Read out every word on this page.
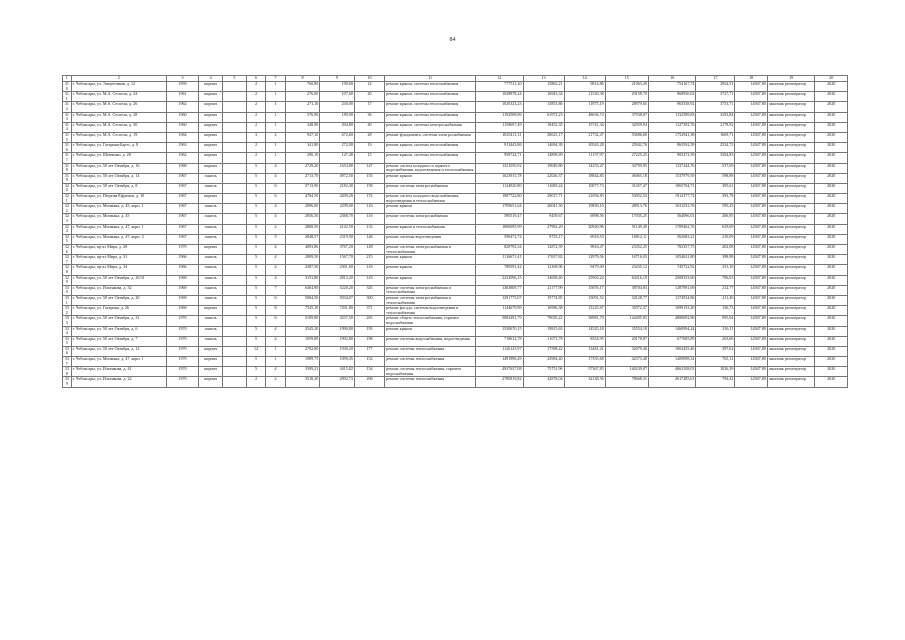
84
1	2	3	4	5	6	7	8	9	10	11	12	13	14	15	16	17	18	19	20
310	г. Чебоксары, ул. Энергетиков, д. 12	1959	кирпич		2	1	760,80	190,60	14	ремонт крыши, системы теплоснабжения	777511,20	15862,21	9814,86	21063,49	754167,74	2954,51	14947,80	заказчик регоператор	2020
311	г. Чебоксары, ул. М.А. Сеспеля, д. 24	1961	кирпич		2	1	276,00	107,60	20	ремонт крыши, системы теплоснабжения	1028878,24	16943,34	11520,38	29158,70	968936,02	3727,71	14947,80	заказчик регоператор	2020
312	г. Чебоксары, ул. М.А. Сеспеля, д. 26	1962	кирпич		2	1	271,10	230,00	17	ремонт крыши, системы теплоснабжения	1020323,23	15853,86	11875,19	28979,65	963538,92	3753,71	14947,80	заказчик регоператор	2020
313	г. Чебоксары, ул. М.А. Сеспеля, д. 28	1960	кирпич		2	1	376,90	189,00	36	ремонт крыши, системы теплоснабжения	1194508,96	61972,23	48636,74	37938,07	1132589,83	3293,84	14947,80	заказчик регоператор	2020
314	г. Чебоксары, ул. М.А. Сеспеля, д. 30	1960	кирпич		2	1	348,90	204,80	40	ремонт крыши, системы электроснабжения	1158697,49	18452,35	15741,34	32959,94	1127392,76	2178,92	14947,80	заказчик регоператор	2020
315	г. Чебоксары, ул. М.А. Сеспеля, д. 19	1964	кирпич		3	2	947,10	672,60	28	ремонт фундамента, системы электроснабжения	1825411,31	28623,17	21732,47	53686,60	1752941,38	1669,71	14947,80	заказчик регоператор	2020
316	г. Чебоксары, ул. Гагарина-Бартс, д. 8	1963	кирпич		2	1	341,80	272,00	19	ремонт крыши, системы теплоснабжения	913443,86	14694,39	10543,28	25942,76	863592,59	2534,72	14947,80	заказчик регоператор	2020
317	г. Чебоксары, ул. Шевченко, д. 28	1962	кирпич		2	1	290,10	147,40	15	ремонт крыши, системы теплоснабжения	958724,71	14898,69	11157,97	27225,25	905472,59	3304,83	14947,80	заказчик регоператор	2020
318	г. Чебоксары, ул. 50 лет Октября, д. 16	1968	кирпич		5	4	2729,20	1654,80	147	ремонт систем холодного и горячего водоснабжения, водоотведения и теплоснабжения	1321050,92	19049,80	14255,47	34799,95	1137244,76	537,69	14947,80	заказчик регоператор	2020
319	г. Чебоксары, ул. 50 лет Октября, д. 14	1967	панель		5	4	2713,70	4972,50	155	ремонт крыши	1623915,78	22026,37	18844,83	46065,18	1537979,39	598,88	14947,80	заказчик регоператор	2020
320	г. Чебоксары, ул. 50 лет Октября, д. 8	1967	панель		5	6	3713,90	2182,40	158	ремонт системы электроснабжения	1124920,80	11683,24	10077,73	31457,47	1065704,71	395,61	14947,80	заказчик регоператор	2020
321	г. Чебоксары, ул. Петрова Ефремов, д. 10	1967	кирпич		5	6	4784,50	4209,20	172	ремонт систем холодного водоснабжения, водоотведения и теплоснабжения	1987722,80	29017,71	21694,83	53052,53	1912377,72	393,78	14947,80	заказчик регоператор	2020
322	г. Чебоксары, ул. Мичмана, д. 45, корп. 1	1967	панель		5	4	2896,00	2299,00	116	ремонт крыши	1709651,64	26041,30	19830,10	48913,76	1631533,76	595,43	14947,80	заказчик регоператор	2020
323	г. Чебоксары, ул. Мичмана, д. 45	1967	панель		5	4	2856,50	2368,70	116	ремонт системы электроснабжения	590519,47	9459,67	6998,56	17035,25	564096,01	206,95	14947,80	заказчик регоператор	2020
324	г. Чебоксары, ул. Мичмана, д. 47, корп. 1	1967	панель		5	2	2868,50	2142,50	133	ремонт крыши и теплоснабжения	1806095,99	27982,20	20920,96	51149,49	1709462,76	629,69	14947,80	заказчик регоператор	2020
325	г. Чебоксары, ул. Мичмана, д. 47, корп. 3	1967	панель		5	5	2848,57	2319,50	146	ремонт системы водоотведения	598472,74	9753,17	6918,53	16812,11	562683,21	210,09	14947,80	заказчик регоператор	2020
326	г. Чебоксары, пр-кт Мира, д. 28	1970	кирпич		5	4	4093,86	3767,20	128	ремонт системы электроснабжения и теплоснабжения	828792,34	12872,39	9816,47	23352,25	782357,75	202,08	14947,80	заказчик регоператор	2020
327	г. Чебоксары, пр-кт Мира, д. 31	1966	панель		5	4	2809,50	1567,70	215	ремонт крыши	1116671,41	17657,82	12979,56	16716,03	1054631,80	398,98	14947,80	заказчик регоператор	2020
328	г. Чебоксары, пр-кт Мира, д. 34	1966	панель		5	4	2387,50	2301,60	143	ремонт крыши	789591,42	12168,96	9479,49	23435,12	745722,92	331,16	14947,80	заказчик регоператор	2020
329	г. Чебоксары, ул. 50 лет Октября, д. 20/31	1969	панель		5	4	3153,80	2813,20	143	ремонт крыши	2232096,15	34658,40	25902,24	63416,19	2508353,60	706,03	14947,80	заказчик регоператор	2020
330	г. Чебоксары, ул. Ильенкова, д. 32	1969	панель		5	7	6404,90	5220,20	345	ремонт системы электроснабжения и теплоснабжения	1363809,77	21177,99	15876,17	38704,83	1287991,69	212,77	14947,80	заказчик регоператор	2020
331	г. Чебоксары, ул. 50 лет Октября, д. 20	1969	панель		5	6	5084,50	5034,07	300	ремонт системы электроснабжения и теплоснабжения	1291775,07	19774,85	15091,52	34128,77	1174934,86	211,40	14947,80	заказчик регоператор	2020
332	г. Чебоксары, ул. Гагарина, д. 26	1969	кирпич		5	8	7545,10	7201,80	371	ремонт фасада, системы водоотведения и теплоснабжения	1144679,99	16996,38	13125,67	35972,37	1099153,20	156,73	14947,80	заказчик регоператор	2020
333	г. Чебоксары, ул. 50 лет Октября, д. 31	1970	панель		5	6	5109,80	4537,50	265	ремонт общего теплоснабжения, горячего водоснабжения	5082491,79	79035,22	58981,79	144405,83	4800692,96	995,64	14947,80	заказчик регоператор	2020
334	г. Чебоксары, ул. 50 лет Октября, д. 6	1970	панель		5	4	3545,20	1990,80	193	ремонт крыши	1530670,15	19815,63	14525,18	35554,18	1460994,24	316,11	14947,80	заказчик регоператор	2020
335	г. Чебоксары, ул. 50 лет Октября, д. 7	1970	панель		5	4	1059,80	1992,80	198	ремонт системы водоснабжения, водоотведения	718612,78	11071,78	8354,95	20178,87	677685,89	203,06	14947,80	заказчик регоператор	2020
336	г. Чебоксары, ул. 50 лет Октября, д. 12	1970	кирпич		12	1	2792,80	1930,20	177	ремонт системы теплоснабжения	1126125,97	17598,22	13481,41	32079,46	1063455,46	397,62	14947,80	заказчик регоператор	2020
337	г. Чебоксары, ул. Мичмана, д. 47, корп. 1	1970	кирпич		5	1	1989,75	1099,45	152	ремонт системы теплоснабжения	1491996,29	23984,40	17355,68	42373,40	1409098,34	765,12	14947,80	заказчик регоператор	2020
338	г. Чебоксары, ул. Ильенкова, д. 41	1970	кирпич		5	4	3399,21	3415,82	154	ремонт системы теплоснабжения, горячего водоснабжения	4937637,08	75751,96	57367,83	140239,07	4663108,03	1026,39	14947,80	заказчик регоператор	2020
339	г. Чебоксары, ул. Ильенкова, д. 22	1970	кирпич		2	2	3518,20	2992,73	206	ремонт системы теплоснабжения	2780819,82	42878,04	32138,56	78668,31	2617285,61	794,42	14947,80	заказчик регоператор	2020
